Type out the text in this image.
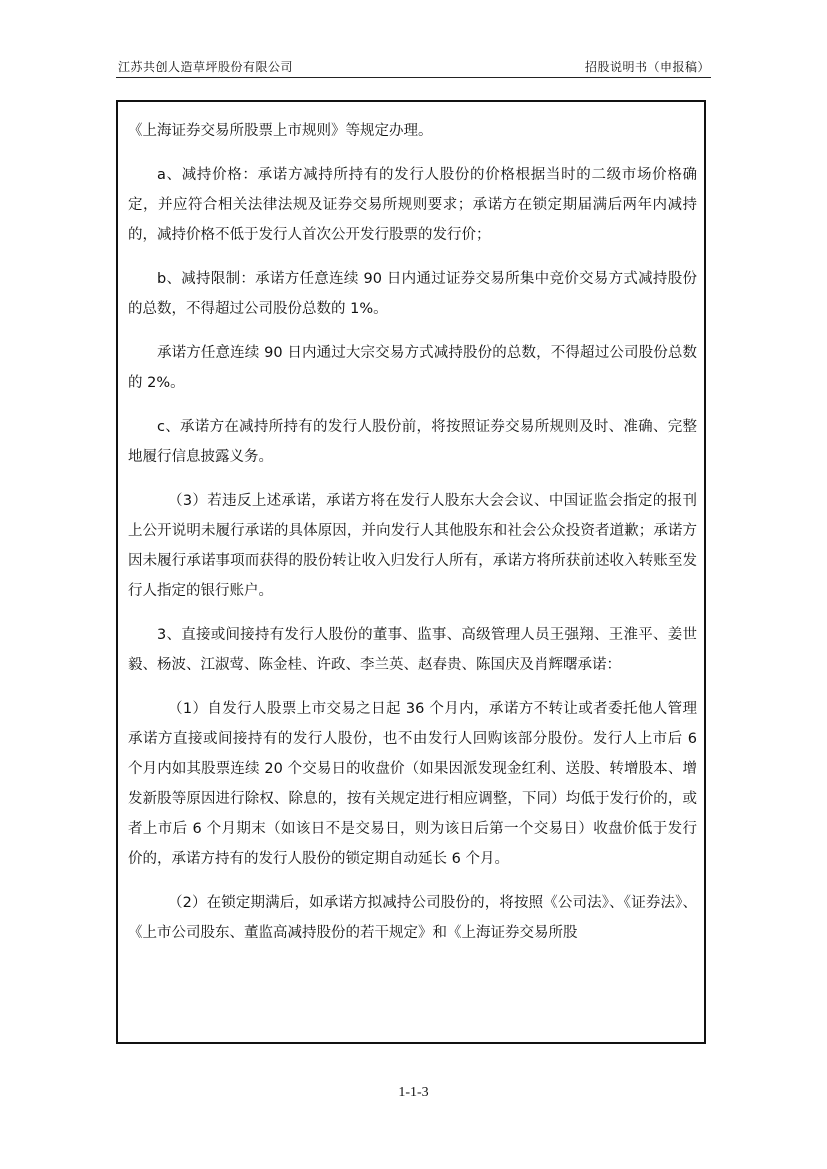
江苏共创人造草坪股份有限公司	招股说明书（申报稿）

《上海证券交易所股票上市规则》等规定办理。

a、减持价格：承诺方减持所持有的发行人股份的价格根据当时的二级市场价格确定，并应符合相关法律法规及证券交易所规则要求；承诺方在锁定期届满后两年内减持的，减持价格不低于发行人首次公开发行股票的发行价；

b、减持限制：承诺方任意连续 90 日内通过证券交易所集中竞价交易方式减持股份的总数，不得超过公司股份总数的 1%。

承诺方任意连续 90 日内通过大宗交易方式减持股份的总数，不得超过公司股份总数的 2%。

c、承诺方在减持所持有的发行人股份前，将按照证券交易所规则及时、准确、完整地履行信息披露义务。

（3）若违反上述承诺，承诺方将在发行人股东大会会议、中国证监会指定的报刊上公开说明未履行承诺的具体原因，并向发行人其他股东和社会公众投资者道歉；承诺方因未履行承诺事项而获得的股份转让收入归发行人所有，承诺方将所获前述收入转账至发行人指定的银行账户。

3、直接或间接持有发行人股份的董事、监事、高级管理人员王强翔、王淮平、姜世毅、杨波、江淑莺、陈金桂、许政、李兰英、赵春贵、陈国庆及肖辉曙承诺：

（1）自发行人股票上市交易之日起 36 个月内，承诺方不转让或者委托他人管理承诺方直接或间接持有的发行人股份，也不由发行人回购该部分股份。发行人上市后 6 个月内如其股票连续 20 个交易日的收盘价（如果因派发现金红利、送股、转增股本、增发新股等原因进行除权、除息的，按有关规定进行相应调整，下同）均低于发行价的，或者上市后 6 个月期末（如该日不是交易日，则为该日后第一个交易日）收盘价低于发行价的，承诺方持有的发行人股份的锁定期自动延长 6 个月。

（2）在锁定期满后，如承诺方拟减持公司股份的，将按照《公司法》、《证券法》、《上市公司股东、董监高减持股份的若干规定》和《上海证券交易所股

1-1-3
